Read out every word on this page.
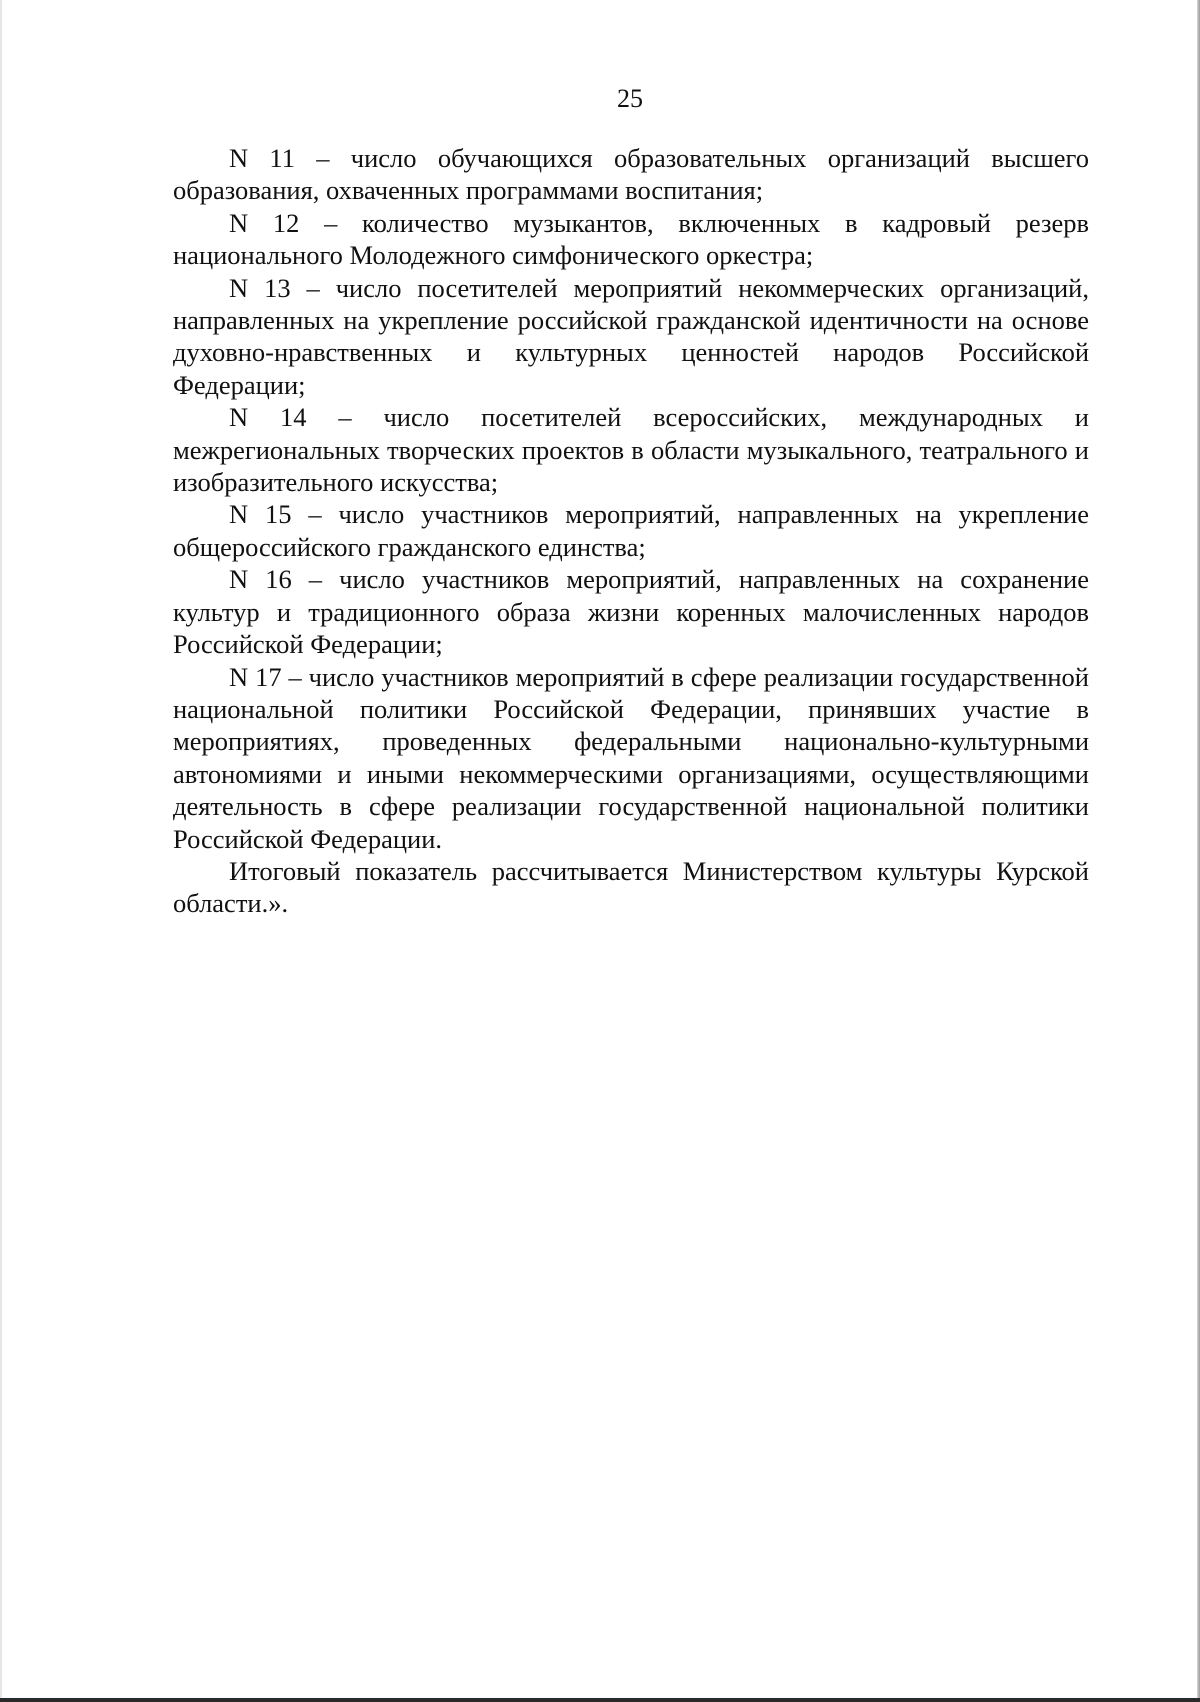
25

N 11 – число обучающихся образовательных организаций высшего образования, охваченных программами воспитания;

N 12 – количество музыкантов, включенных в кадровый резерв национального Молодежного симфонического оркестра;

N 13 – число посетителей мероприятий некоммерческих организаций, направленных на укрепление российской гражданской идентичности на основе духовно-нравственных и культурных ценностей народов Российской Федерации;

N 14 – число посетителей всероссийских, международных и межрегиональных творческих проектов в области музыкального, театрального и изобразительного искусства;

N 15 – число участников мероприятий, направленных на укрепление общероссийского гражданского единства;

N 16 – число участников мероприятий, направленных на сохранение культур и традиционного образа жизни коренных малочисленных народов Российской Федерации;

N 17 – число участников мероприятий в сфере реализации государственной национальной политики Российской Федерации, принявших участие в мероприятиях, проведенных федеральными национально-культурными автономиями и иными некоммерческими организациями, осуществляющими деятельность в сфере реализации государственной национальной политики Российской Федерации.

Итоговый показатель рассчитывается Министерством культуры Курской области.».
